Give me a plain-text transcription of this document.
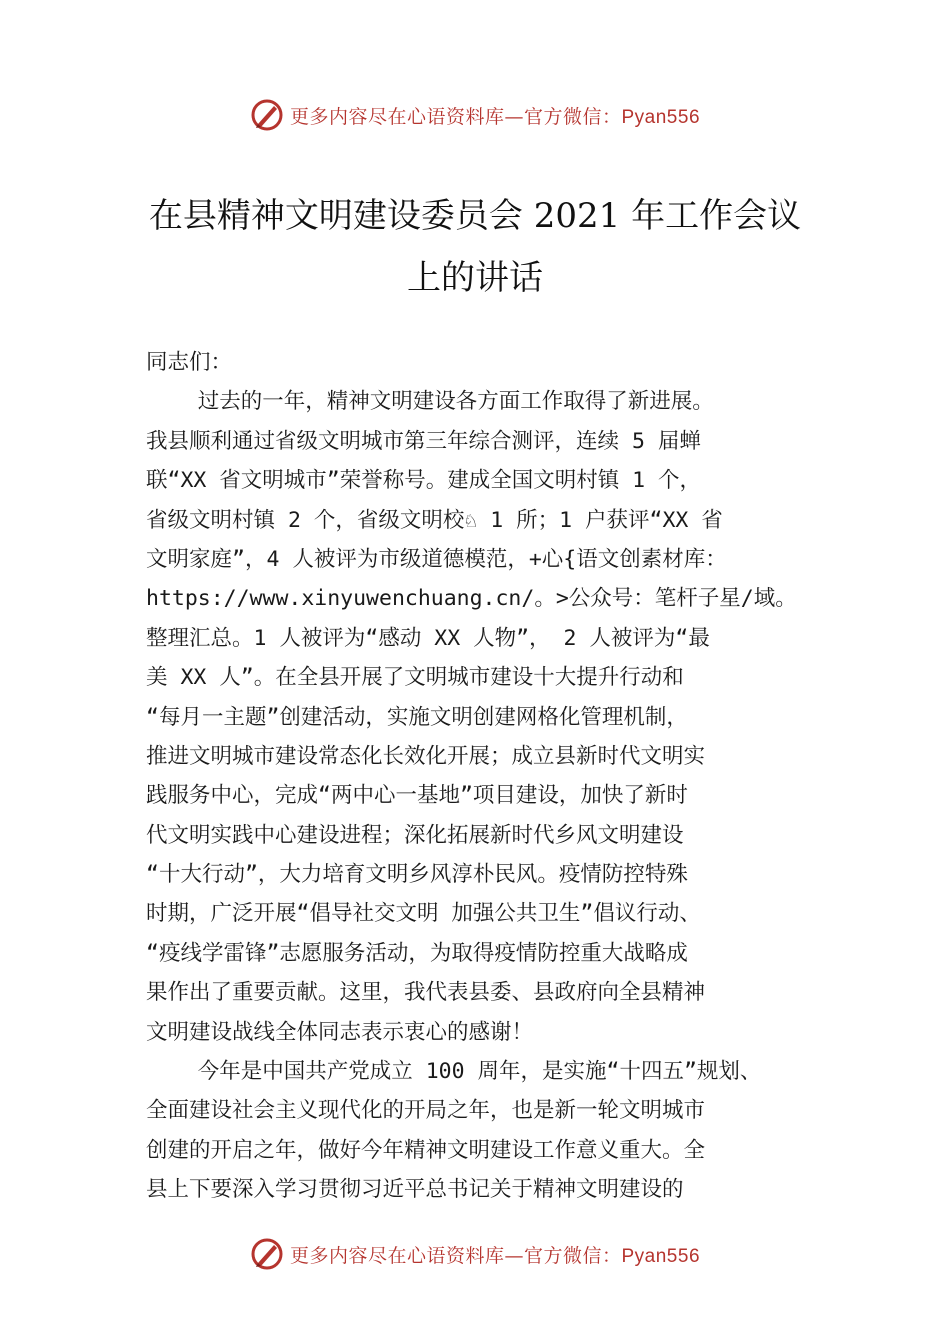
更多内容尽在心语资料库—官方微信：Pyan556
在县精神文明建设委员会 2021 年工作会议
上的讲话
同志们：
过去的一年，精神文明建设各方面工作取得了新进展。
我县顺利通过省级文明城市第三年综合测评，连续 5 届蝉
联“XX 省文明城市”荣誉称号。建成全国文明村镇 1 个，
省级文明村镇 2 个，省级文明校♘ 1 所；1 户获评“XX 省
文明家庭”，4 人被评为市级道德模范，+心{语文创素材库：
https://www.xinyuwenchuang.cn/。>公众号：笔杆子星/域。
整理汇总。1 人被评为“感动 XX 人物”， 2 人被评为“最
美 XX 人”。在全县开展了文明城市建设十大提升行动和
“每月一主题”创建活动，实施文明创建网格化管理机制，
推进文明城市建设常态化长效化开展；成立县新时代文明实
践服务中心，完成“两中心一基地”项目建设，加快了新时
代文明实践中心建设进程；深化拓展新时代乡风文明建设
“十大行动”，大力培育文明乡风淳朴民风。疫情防控特殊
时期，广泛开展“倡导社交文明 加强公共卫生”倡议行动、
“疫线学雷锋”志愿服务活动，为取得疫情防控重大战略成
果作出了重要贡献。这里，我代表县委、县政府向全县精神
文明建设战线全体同志表示衷心的感谢！
今年是中国共产党成立 100 周年，是实施“十四五”规划、
全面建设社会主义现代化的开局之年，也是新一轮文明城市
创建的开启之年，做好今年精神文明建设工作意义重大。全
县上下要深入学习贯彻习近平总书记关于精神文明建设的
更多内容尽在心语资料库—官方微信：Pyan556
